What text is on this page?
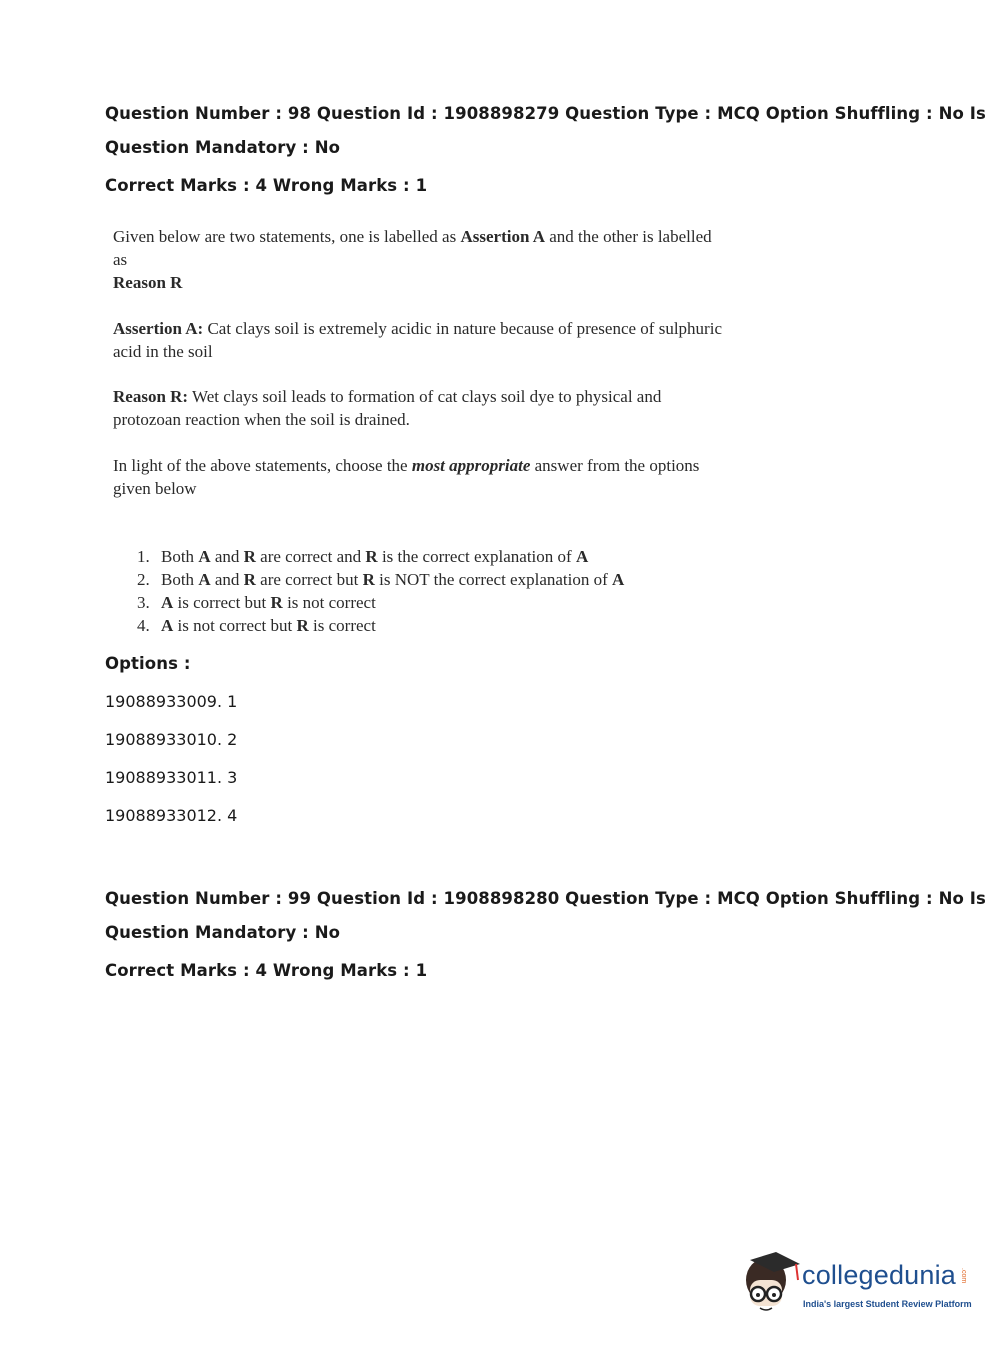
Question Number : 98 Question Id : 1908898279 Question Type : MCQ Option Shuffling : No Is
Question Mandatory : No
Correct Marks : 4 Wrong Marks : 1

Given below are two statements, one is labelled as Assertion A and the other is labelled as
Reason R

Assertion A: Cat clays soil is extremely acidic in nature because of presence of sulphuric acid in the soil

Reason R: Wet clays soil leads to formation of cat clays soil dye to physical and protozoan reaction when the soil is drained.

In light of the above statements, choose the most appropriate answer from the options given below

1. Both A and R are correct and R is the correct explanation of A
2. Both A and R are correct but R is NOT the correct explanation of A
3. A is correct but R is not correct
4. A is not correct but R is correct
Options :
19088933009. 1
19088933010. 2
19088933011. 3
19088933012. 4
Question Number : 99 Question Id : 1908898280 Question Type : MCQ Option Shuffling : No Is
Question Mandatory : No
Correct Marks : 4 Wrong Marks : 1
collegedunia .com
India's largest Student Review Platform
